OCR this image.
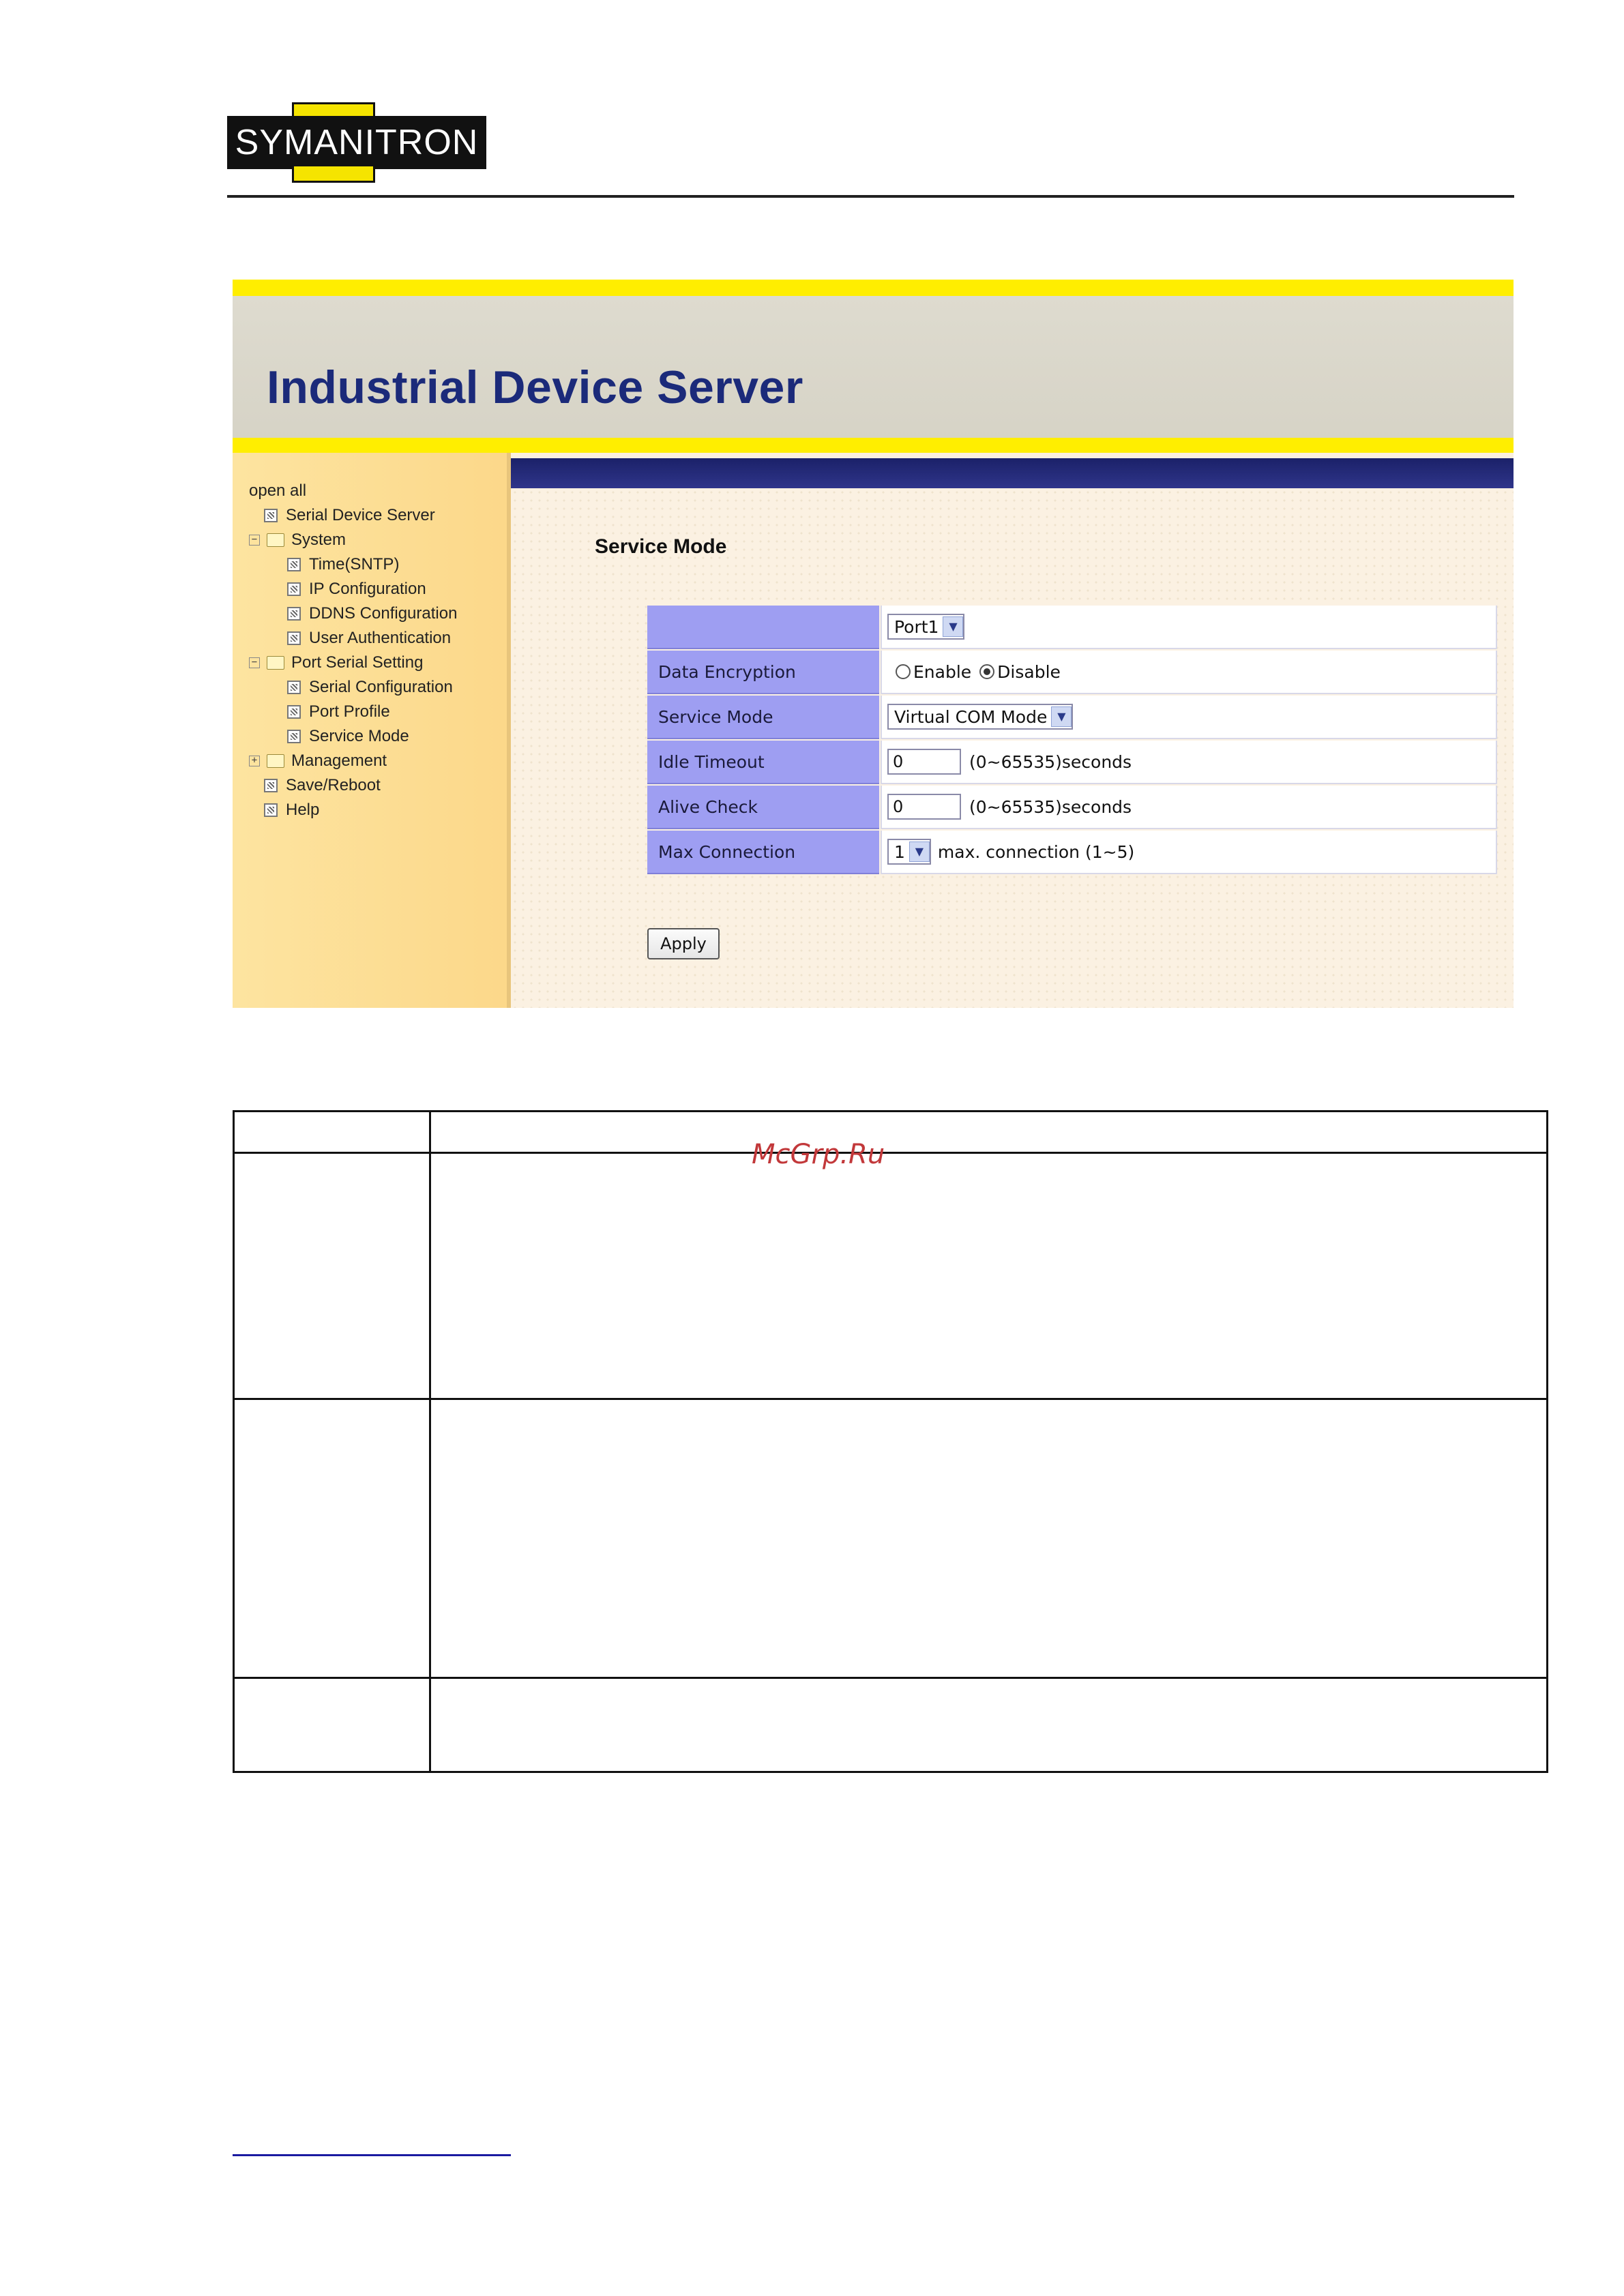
SYMANITRON
Industrial Device Server
open all
Serial Device Server
− System
Time(SNTP)
IP Configuration
DDNS Configuration
User Authentication
− Port Serial Setting
Serial Configuration
Port Profile
Service Mode
+ Management
Save/Reboot
Help
Service Mode
Port1 ▼
Data Encryption	Enable Disable
Service Mode	Virtual COM Mode ▼
Idle Timeout	0	(0~65535)seconds
Alive Check	0	(0~65535)seconds
Max Connection	1 ▼ max. connection (1~5)
Apply
McGrp.Ru
